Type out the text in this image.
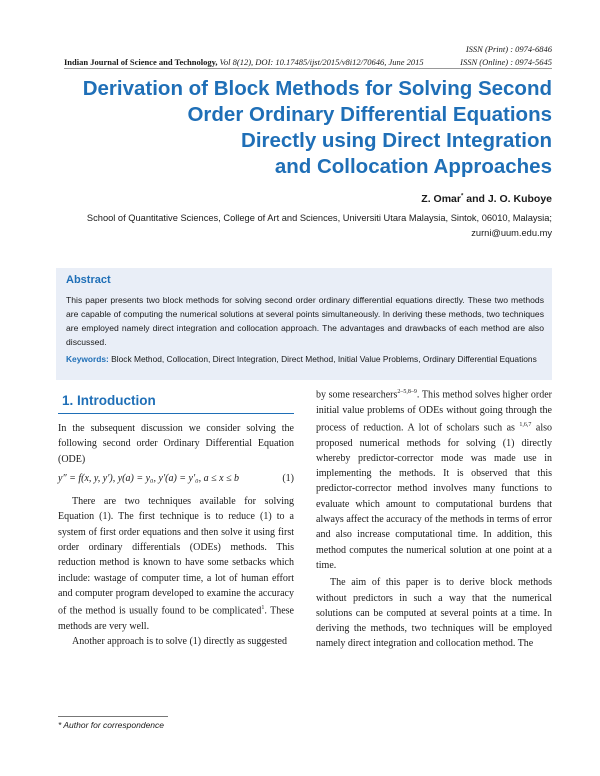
ISSN (Print) : 0974-6846
ISSN (Online) : 0974-5645
Indian Journal of Science and Technology, Vol 8(12), DOI: 10.17485/ijst/2015/v8i12/70646, June 2015
Derivation of Block Methods for Solving Second
Order Ordinary Differential Equations
Directly using Direct Integration
and Collocation Approaches
Z. Omar* and J. O. Kuboye
School of Quantitative Sciences, College of Art and Sciences, Universiti Utara Malaysia, Sintok, 06010, Malaysia;
zurni@uum.edu.my
Abstract
This paper presents two block methods for solving second order ordinary differential equations directly. These two methods are capable of computing the numerical solutions at several points simultaneously. In deriving these methods, two techniques are employed namely direct integration and collocation approach. The advantages and drawbacks of each method are also discussed.
Keywords: Block Method, Collocation, Direct Integration, Direct Method, Initial Value Problems, Ordinary Differential Equations
1. Introduction

In the subsequent discussion we consider solving the following second order Ordinary Differential Equation (ODE)

y″ = f(x, y, y′), y(a) = y₀, y′(a) = y′₀, a ≤ x ≤ b	(1)

There are two techniques available for solving Equation (1). The first technique is to reduce (1) to a system of first order equations and then solve it using first order ordinary differentials (ODEs) methods. This reduction method is known to have some setbacks which include: wastage of computer time, a lot of human effort and computer program developed to examine the accuracy of the method is usually found to be complicated$^1$. These methods are very well.

Another approach is to solve (1) directly as suggested

by some researchers$^{2-5,8-9}$. This method solves higher order initial value problems of ODEs without going through the process of reduction. A lot of scholars such as $^{1,6,7}$ also proposed numerical methods for solving (1) directly whereby predictor-corrector mode was made use in implementing the methods. It is observed that this predictor-corrector method involves many functions to evaluate which amount to computational burdens that always affect the accuracy of the methods in terms of error and also increase computational time. In addition, this method computes the numerical solution at one point at a time.

The aim of this paper is to derive block methods without predictors in such a way that the numerical solutions can be computed at several points at a time. In deriving the methods, two techniques will be employed namely direct integration and collocation method. The

* Author for correspondence
